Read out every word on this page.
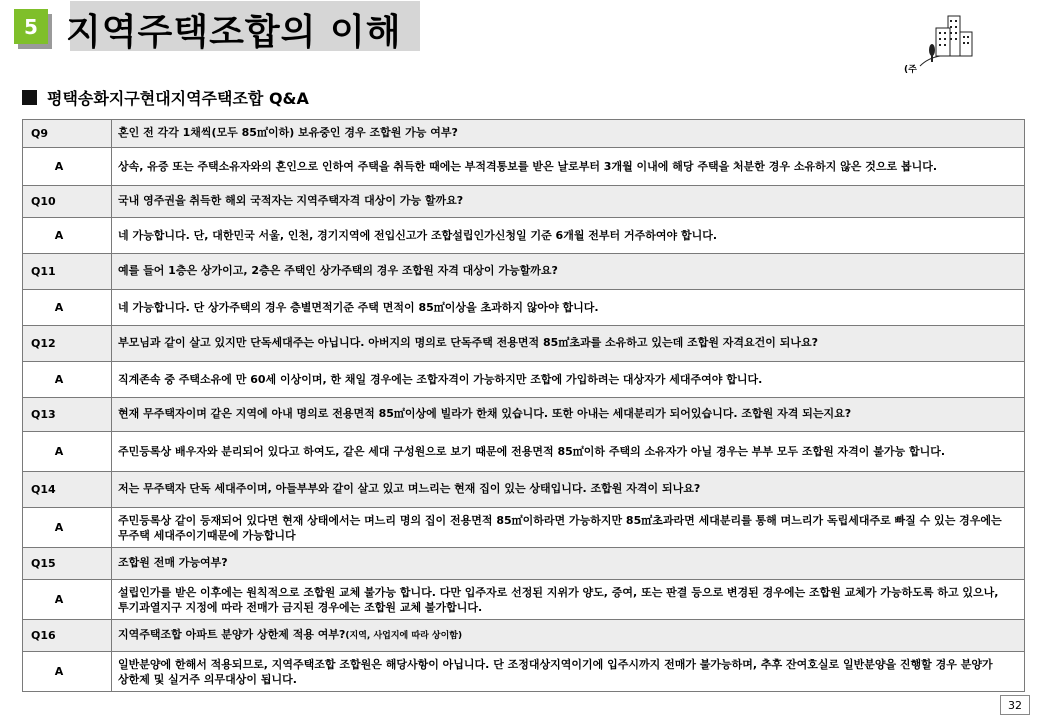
5 지역주택조합의 이해
(주
평택송화지구현대지역주택조합 Q&A
Q9	혼인 전 각각 1채씩(모두 85㎡이하) 보유중인 경우 조합원 가능 여부?
A	상속, 유증 또는 주택소유자와의 혼인으로 인하여 주택을 취득한 때에는 부적격통보를 받은 날로부터 3개월 이내에 해당 주택을 처분한 경우 소유하지 않은 것으로 봅니다.
Q10	국내 영주권을 취득한 해외 국적자는 지역주택자격 대상이 가능 할까요?
A	네 가능합니다. 단, 대한민국 서울, 인천, 경기지역에 전입신고가 조합설립인가신청일 기준 6개월 전부터 거주하여야 합니다.
Q11	예를 들어 1층은 상가이고, 2층은 주택인 상가주택의 경우 조합원 자격 대상이 가능할까요?
A	네 가능합니다. 단 상가주택의 경우 층별면적기준 주택 면적이 85㎡이상을 초과하지 않아야 합니다.
Q12	부모님과 같이 살고 있지만 단독세대주는 아닙니다. 아버지의 명의로 단독주택 전용면적 85㎡초과를 소유하고 있는데 조합원 자격요건이 되나요?
A	직계존속 중 주택소유에 만 60세 이상이며, 한 채일 경우에는 조합자격이 가능하지만 조합에 가입하려는 대상자가 세대주여야 합니다.
Q13	현재 무주택자이며 같은 지역에 아내 명의로 전용면적 85㎡이상에 빌라가 한채 있습니다. 또한 아내는 세대분리가 되어있습니다. 조합원 자격 되는지요?
A	주민등록상 배우자와 분리되어 있다고 하여도, 같은 세대 구성원으로 보기 때문에 전용면적 85㎡이하 주택의 소유자가 아닐 경우는 부부 모두 조합원 자격이 불가능 합니다.
Q14	저는 무주택자 단독 세대주이며, 아들부부와 같이 살고 있고 며느리는 현재 집이 있는 상태입니다. 조합원 자격이 되나요?
A	주민등록상 같이 등재되어 있다면 현재 상태에서는 며느리 명의 집이 전용면적 85㎡이하라면 가능하지만 85㎡초과라면 세대분리를 통해 며느리가 독립세대주로 빠질 수 있는 경우에는 무주택 세대주이기때문에 가능합니다
Q15	조합원 전매 가능여부?
A	설립인가를 받은 이후에는 원칙적으로 조합원 교체 불가능 합니다. 다만 입주자로 선정된 지위가 양도, 증여, 또는 판결 등으로 변경된 경우에는 조합원 교체가 가능하도록 하고 있으나, 투기과열지구 지정에 따라 전매가 금지된 경우에는 조합원 교체 불가합니다.
Q16	지역주택조합 아파트 분양가 상한제 적용 여부?(지역, 사업지에 따라 상이함)
A	일반분양에 한해서 적용되므로, 지역주택조합 조합원은 해당사항이 아닙니다. 단 조정대상지역이기에 입주시까지 전매가 불가능하며, 추후 잔여호실로 일반분양을 진행할 경우 분양가 상한제 및 실거주 의무대상이 됩니다.
32
